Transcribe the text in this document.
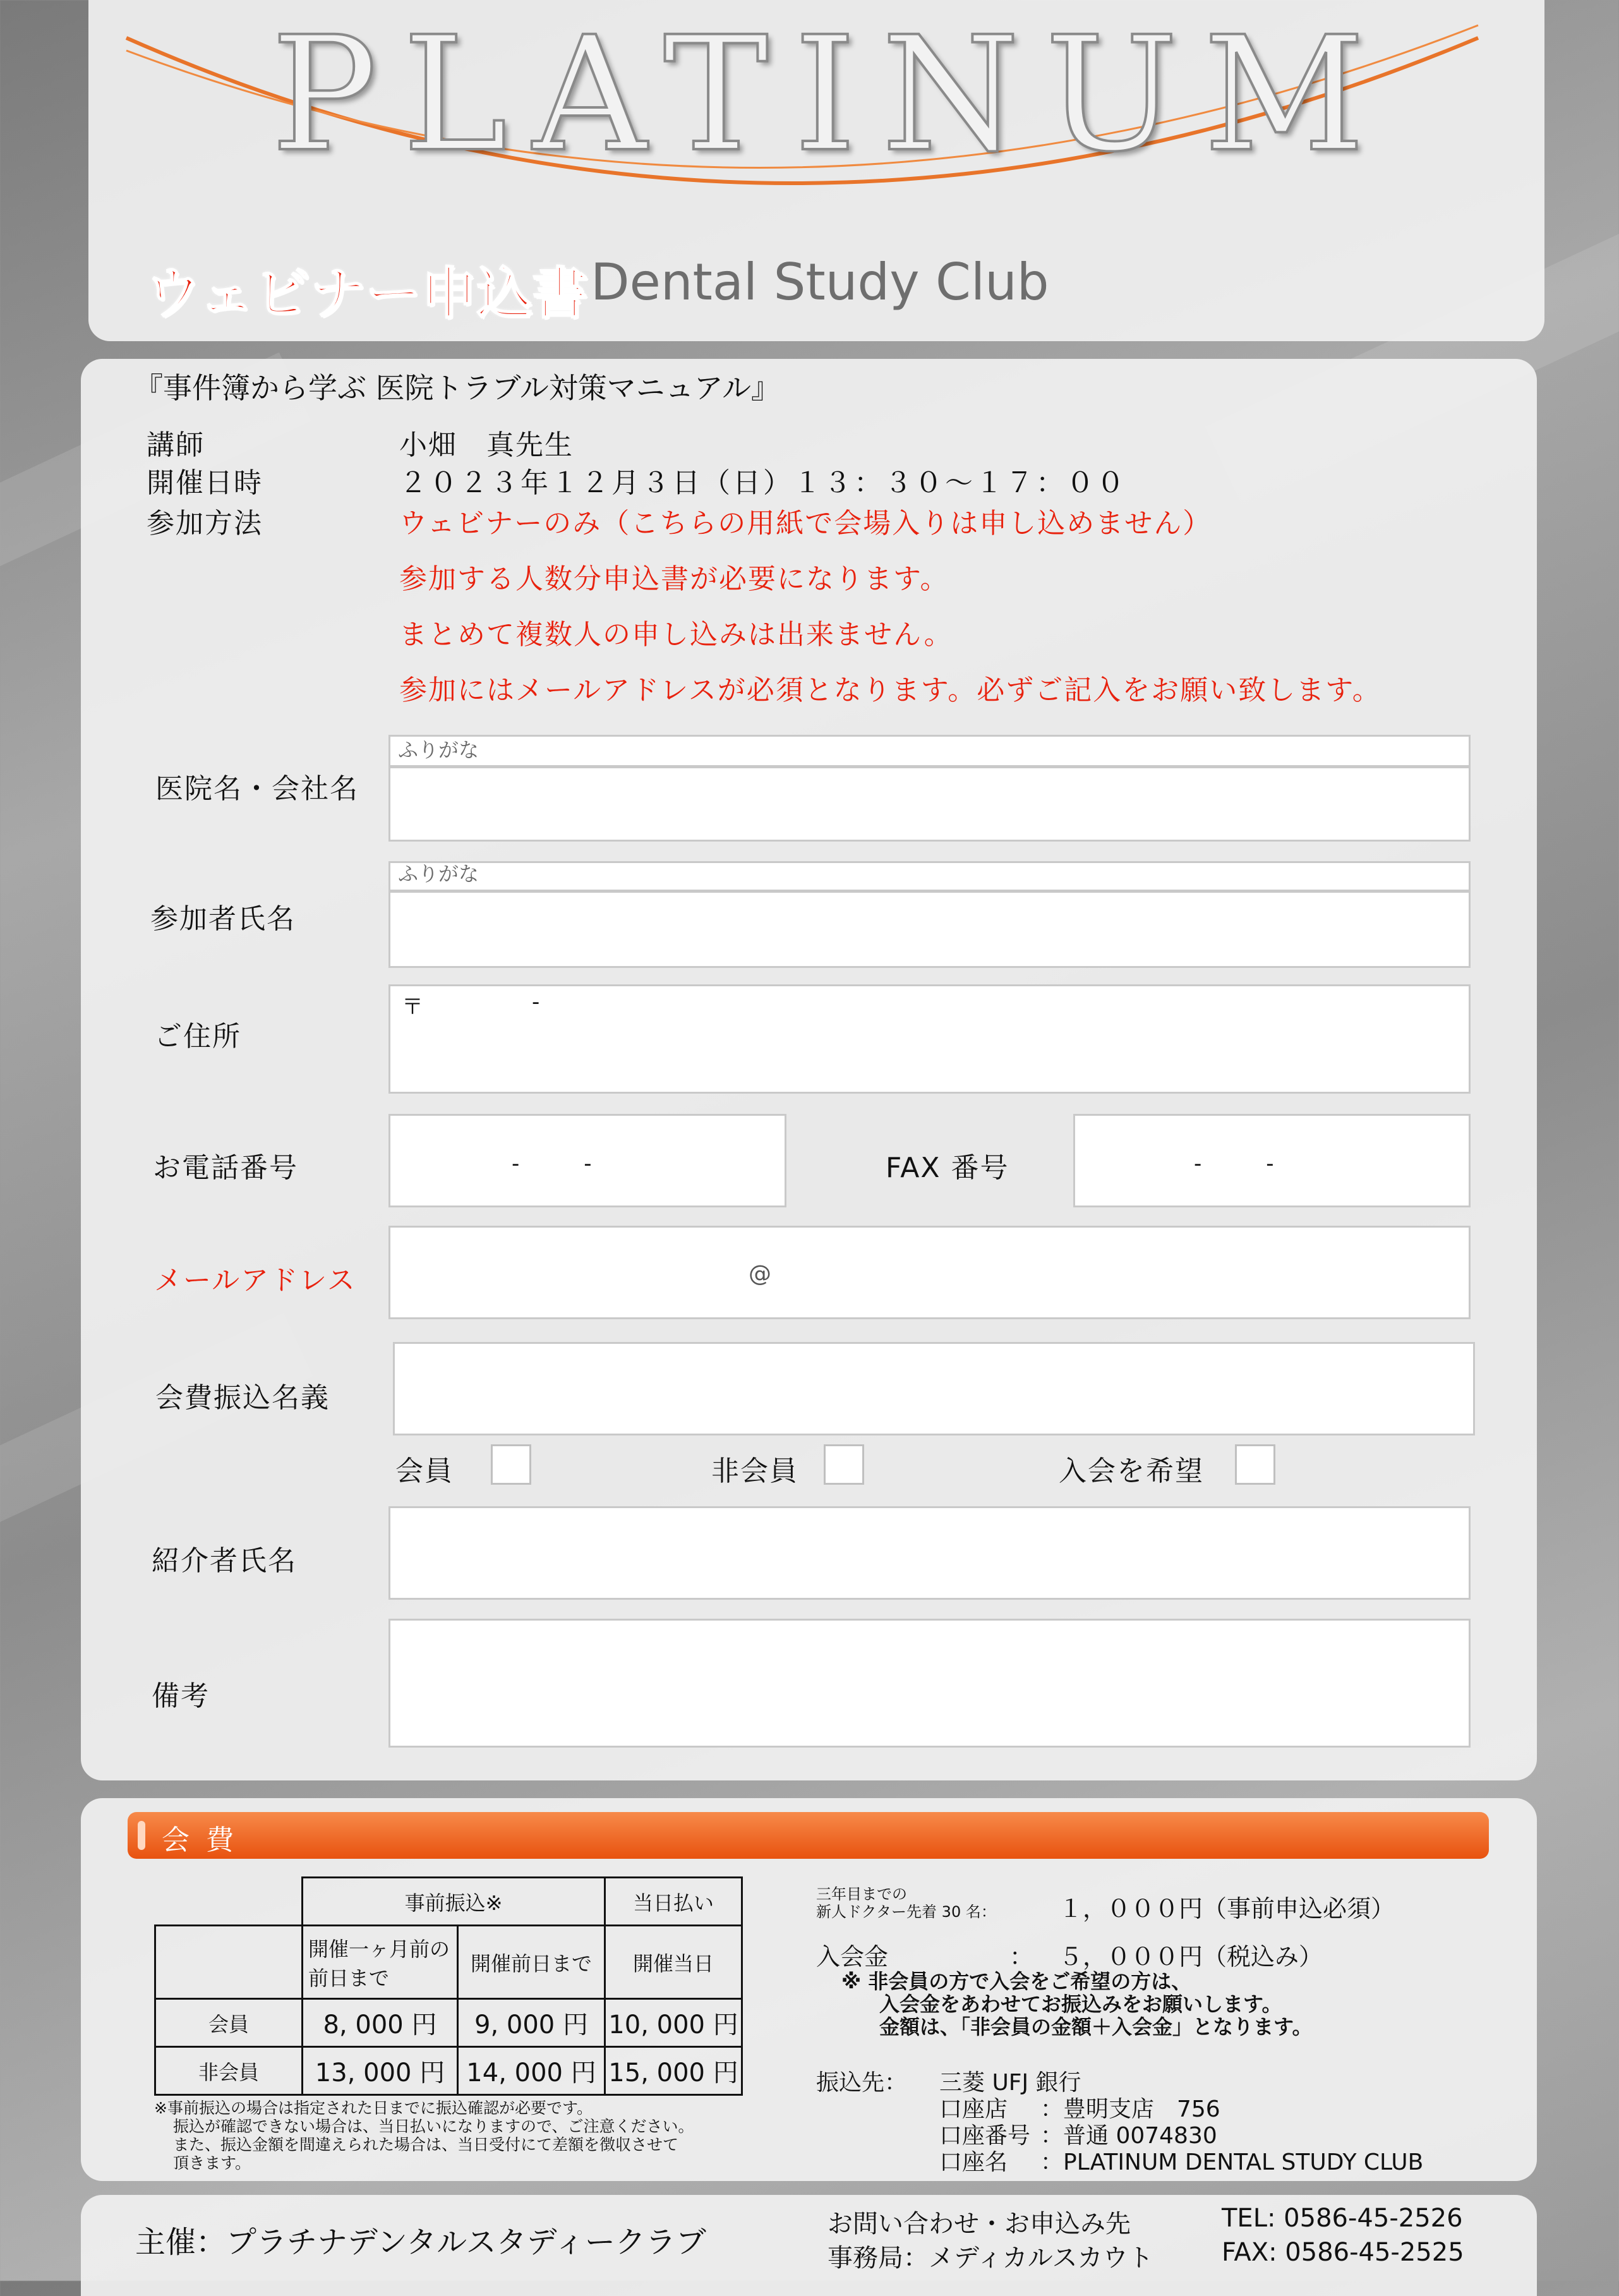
PLATINUM
ウェビナー申込書 Dental Study Club
『事件簿から学ぶ 医院トラブル対策マニュアル』
講師	小畑　真先生
開催日時	２０２３年１２月３日（日）１３：３０～１７：００
参加方法	ウェビナーのみ（こちらの用紙で会場入りは申し込めません）
参加する人数分申込書が必要になります。
まとめて複数人の申し込みは出来ません。
参加にはメールアドレスが必須となります。必ずご記入をお願い致します。
医院名・会社名
ふりがな
参加者氏名
ふりがな
ご住所
〒	-
お電話番号	-　　　-	FAX 番号	-　　　-
メールアドレス	@
会費振込名義
会員	非会員	入会を希望
紹介者氏名
備考
会 費
	事前振込※		当日払い
	開催一ヶ月前の前日まで	開催前日まで	開催当日
会員	8, 000 円	9, 000 円	10, 000 円
非会員	13, 000 円	14, 000 円	15, 000 円
※事前振込の場合は指定された日までに振込確認が必要です。
振込が確認できない場合は、当日払いになりますので、ご注意ください。
また、振込金額を間違えられた場合は、当日受付にて差額を徴収させて
頂きます。
三年目までの
新人ドクター先着 30 名：	１，０００円（事前申込必須）
入会金	： ５，０００円（税込み）
※ 非会員の方で入会をご希望の方は、
入会金をあわせてお振込みをお願いします。
金額は、「非会員の金額＋入会金」となります。
振込先：	三菱 UFJ 銀行
口座店	：豊明支店　756
口座番号 ：普通 0074830
口座名	：PLATINUM DENTAL STUDY CLUB
主催：プラチナデンタルスタディークラブ
お問い合わせ・お申込み先
事務局：メディカルスカウト
TEL: 0586-45-2526
FAX: 0586-45-2525
